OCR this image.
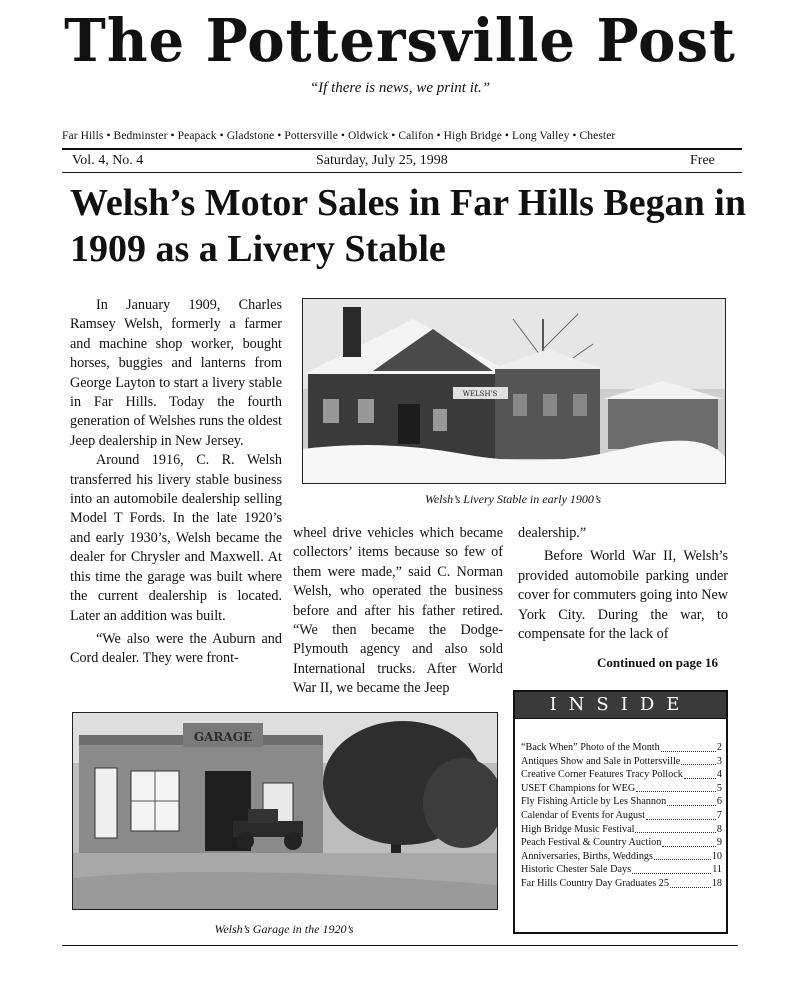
The Pottersville Post
“If there is news, we print it.”
Far Hills • Bedminster • Peapack • Gladstone • Pottersville • Oldwick • Califon • High Bridge • Long Valley • Chester
Vol. 4, No. 4	Saturday, July 25, 1998	Free
Welsh’s Motor Sales in Far Hills Began in 1909 as a Livery Stable

In January 1909, Charles Ramsey Welsh, formerly a farmer and machine shop worker, bought horses, buggies and lanterns from George Layton to start a livery stable in Far Hills. Today the fourth generation of Welshes runs the oldest Jeep dealership in New Jersey.

Around 1916, C. R. Welsh transferred his livery stable business into an automobile dealership selling Model T Fords. In the late 1920’s and early 1930’s, Welsh became the dealer for Chrysler and Maxwell. At this time the garage was built where the current dealership is located. Later an addition was built.

“We also were the Auburn and Cord dealer. They were front-

WELSH'S
Welsh’s Livery Stable in early 1900’s

wheel drive vehicles which became collectors’ items because so few of them were made,” said C. Norman Welsh, who operated the business before and after his father retired. “We then became the Dodge-Plymouth agency and also sold International trucks. After World War II, we became the Jeep

dealership.”

Before World War II, Welsh’s provided automobile parking under cover for commuters going into New York City. During the war, to compensate for the lack of

Continued on page 16
GARAGE
Welsh’s Garage in the 1920’s
INSIDE
“Back When” Photo of the Month	2
Antiques Show and Sale in Pottersville	3
Creative Corner Features Tracy Pollock	4
USET Champions for WEG	5
Fly Fishing Article by Les Shannon	6
Calendar of Events for August	7
High Bridge Music Festival	8
Peach Festival & Country Auction	9
Anniversaries, Births, Weddings	10
Historic Chester Sale Days	11
Far Hills Country Day Graduates 25	18
